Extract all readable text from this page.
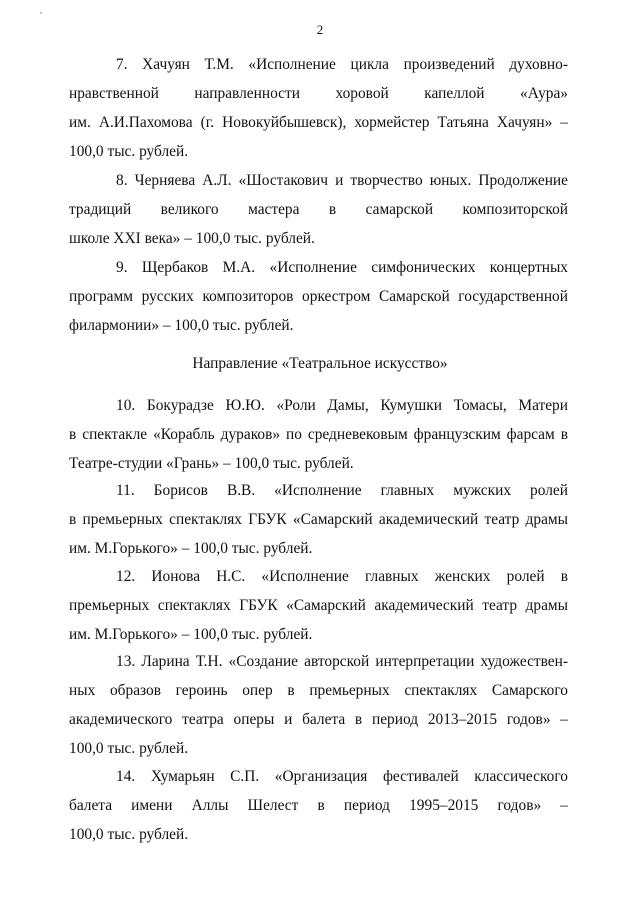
,
2
7. Хачуян Т.М. «Исполнение цикла произведений духовно-
нравственной направленности хоровой капеллой «Аура»
им. А.И.Пахомова (г. Новокуйбышевск), хормейстер Татьяна Хачуян» –
100,0 тыс. рублей.
8. Черняева А.Л. «Шостакович и творчество юных. Продолжение
традиций великого мастера в самарской композиторской
школе XXI века» – 100,0 тыс. рублей.
9. Щербаков М.А. «Исполнение симфонических концертных
программ русских композиторов оркестром Самарской государственной
филармонии» – 100,0 тыс. рублей.
Направление «Театральное искусство»
10. Бокурадзе Ю.Ю. «Роли Дамы, Кумушки Томасы, Матери
в спектакле «Корабль дураков» по средневековым французским фарсам в
Театре-студии «Грань» – 100,0 тыс. рублей.
11. Борисов В.В. «Исполнение главных мужских ролей
в премьерных спектаклях ГБУК «Самарский академический театр драмы
им. М.Горького» – 100,0 тыс. рублей.
12. Ионова Н.С. «Исполнение главных женских ролей в
премьерных спектаклях ГБУК «Самарский академический театр драмы
им. М.Горького» – 100,0 тыс. рублей.
13. Ларина Т.Н. «Создание авторской интерпретации художествен-
ных образов героинь опер в премьерных спектаклях Самарского
академического театра оперы и балета в период 2013–2015 годов» –
100,0 тыс. рублей.
14. Хумарьян С.П. «Организация фестивалей классического
балета имени Аллы Шелест в период 1995–2015 годов» –
100,0 тыс. рублей.
